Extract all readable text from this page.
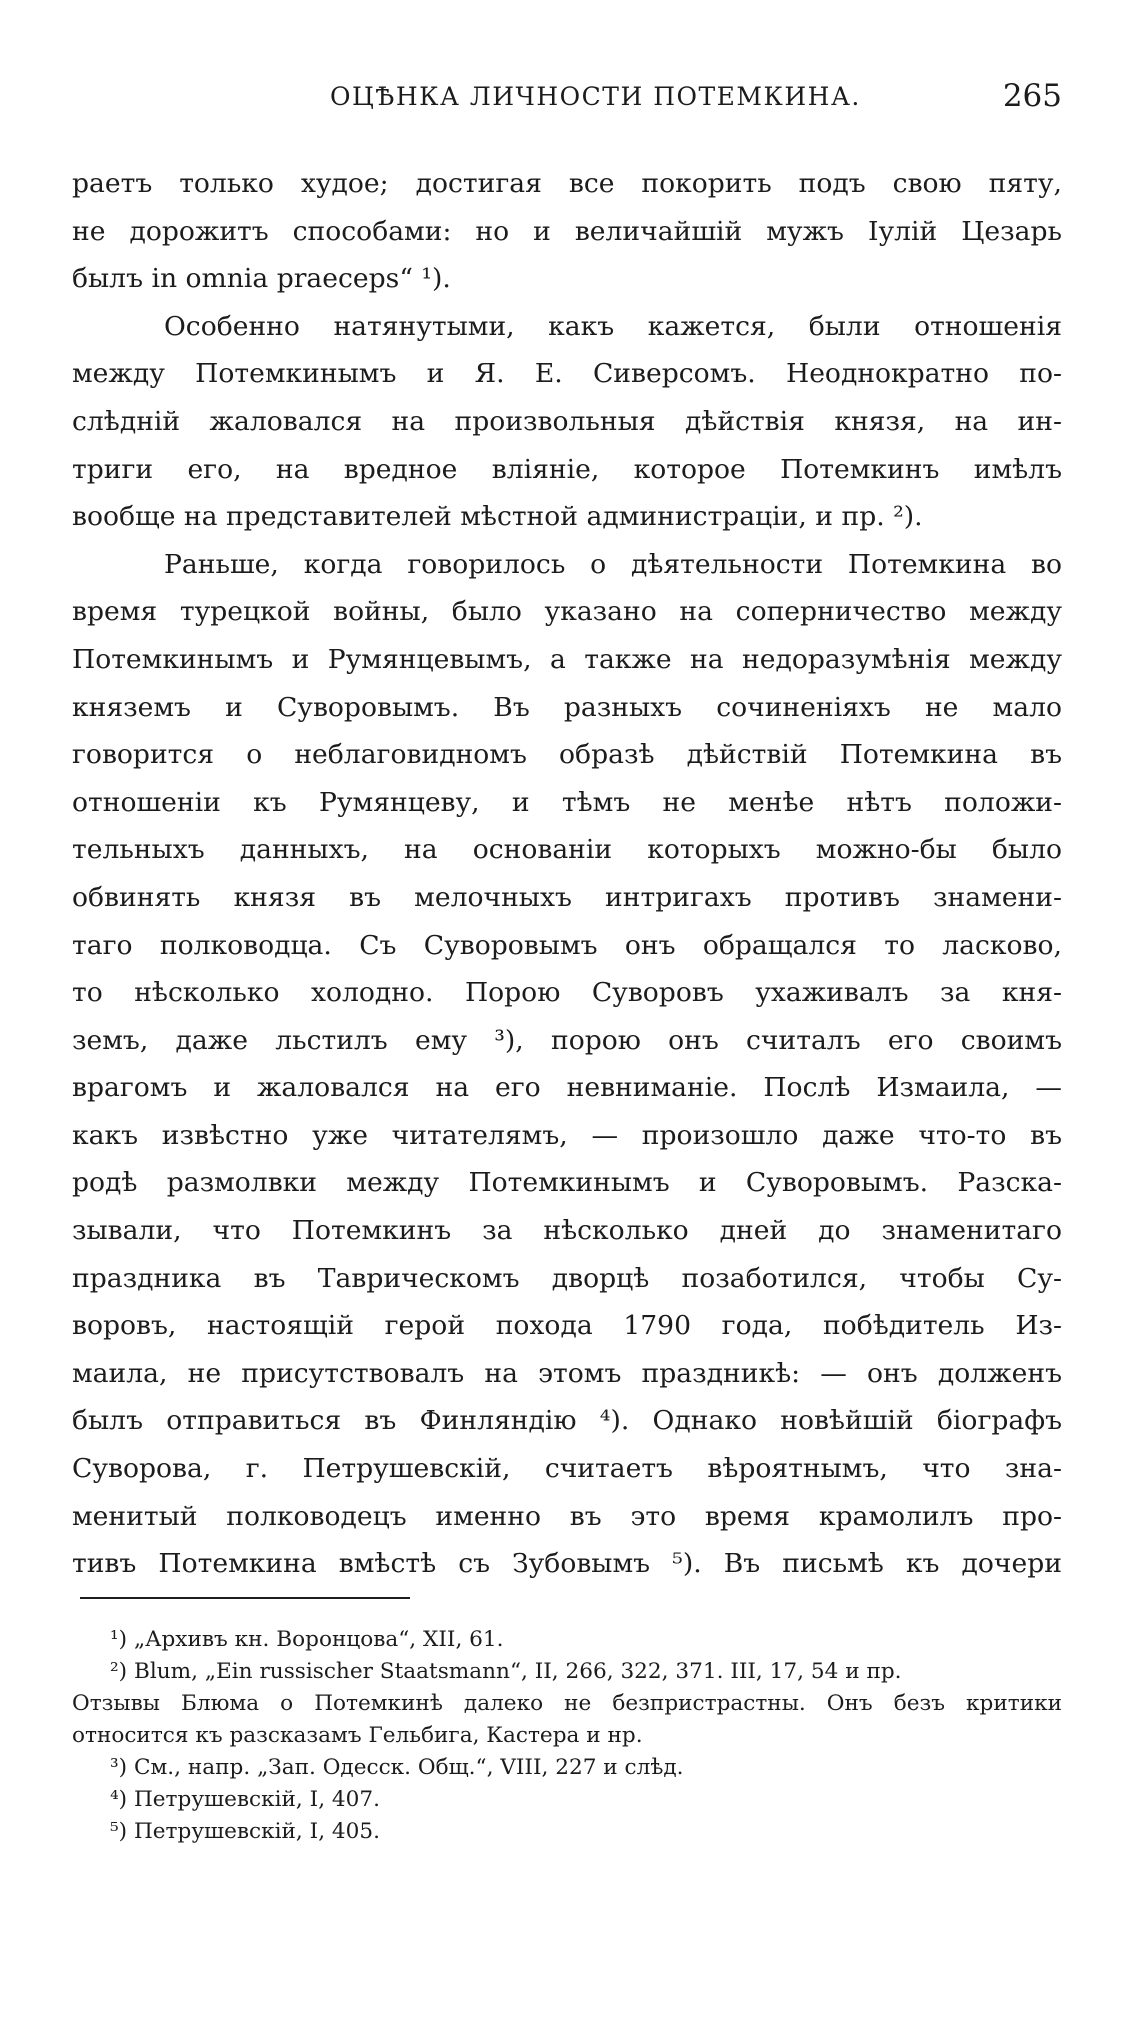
ОЦѢНКА ЛИЧНОСТИ ПОТЕМКИНА.	265

раетъ только худое; достигая все покорить подъ свою пяту,

не дорожитъ способами: но и величайшій мужъ Іулій Цезарь

былъ in omnia praeceps“ ¹).

Особенно натянутыми, какъ кажется, были отношенія

между Потемкинымъ и Я. Е. Сиверсомъ. Неоднократно по-

слѣдній жаловался на произвольныя дѣйствія князя, на ин-

триги его, на вредное вліяніе, которое Потемкинъ имѣлъ

вообще на представителей мѣстной администраціи, и пр. ²).

Раньше, когда говорилось о дѣятельности Потемкина во

время турецкой войны, было указано на соперничество между

Потемкинымъ и Румянцевымъ, а также на недоразумѣнія между

княземъ и Суворовымъ. Въ разныхъ сочиненіяхъ не мало

говорится о неблаговидномъ образѣ дѣйствій Потемкина въ

отношеніи къ Румянцеву, и тѣмъ не менѣе нѣтъ положи-

тельныхъ данныхъ, на основаніи которыхъ можно-бы было

обвинять князя въ мелочныхъ интригахъ противъ знамени-

таго полководца. Съ Суворовымъ онъ обращался то ласково,

то нѣсколько холодно. Порою Суворовъ ухаживалъ за кня-

земъ, даже льстилъ ему ³), порою онъ считалъ его своимъ

врагомъ и жаловался на его невниманіе. Послѣ Измаила, —

какъ извѣстно уже читателямъ, — произошло даже что-то въ

родѣ размолвки между Потемкинымъ и Суворовымъ. Разска-

зывали, что Потемкинъ за нѣсколько дней до знаменитаго

праздника въ Таврическомъ дворцѣ позаботился, чтобы Су-

воровъ, настоящій герой похода 1790 года, побѣдитель Из-

маила, не присутствовалъ на этомъ праздникѣ: — онъ долженъ

былъ отправиться въ Финляндію ⁴). Однако новѣйшій біографъ

Суворова, г. Петрушевскій, считаетъ вѣроятнымъ, что зна-

менитый полководецъ именно въ это время крамолилъ про-

тивъ Потемкина вмѣстѣ съ Зубовымъ ⁵). Въ письмѣ къ дочери

¹) „Архивъ кн. Воронцова“, XII, 61.

²) Blum, „Ein russischer Staatsmann“, II, 266, 322, 371. III, 17, 54 и пр.

Отзывы Блюма о Потемкинѣ далеко не безпристрастны. Онъ безъ критики

относится къ разсказамъ Гельбига, Кастера и нр.

³) См., напр. „Зап. Одесск. Общ.“, VIII, 227 и слѣд.

⁴) Петрушевскій, I, 407.

⁵) Петрушевскій, I, 405.
